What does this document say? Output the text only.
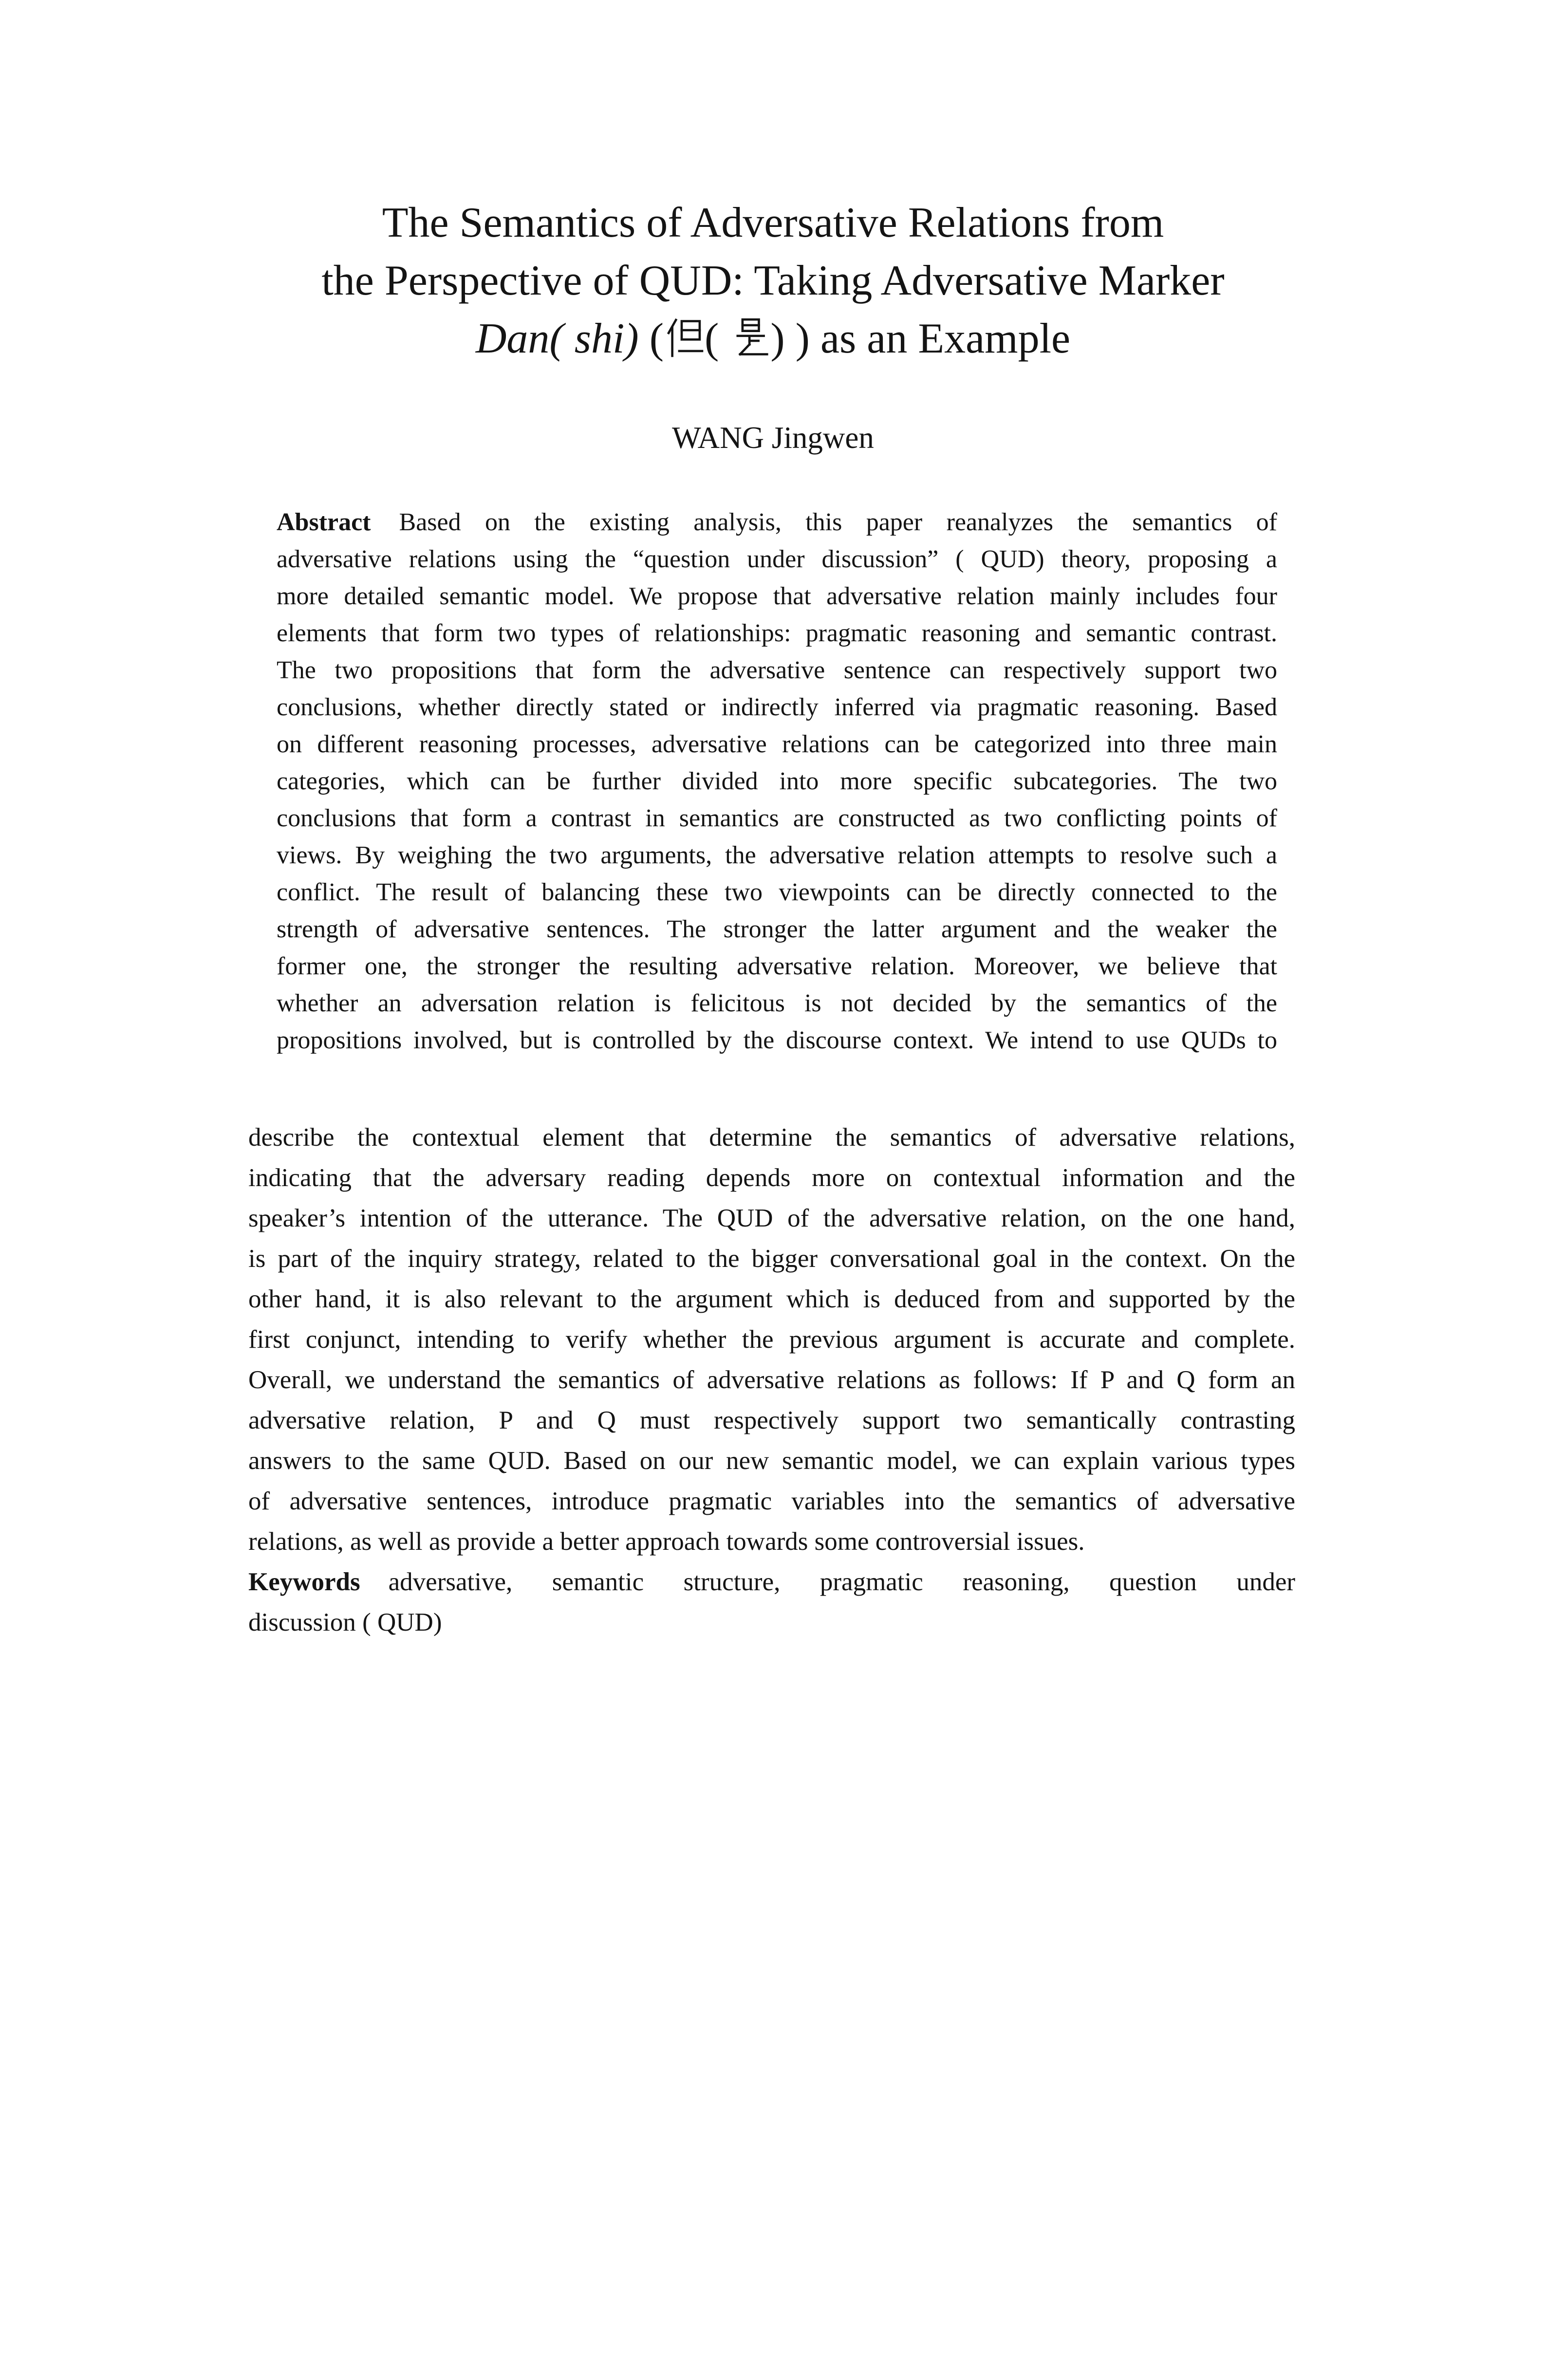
The Semantics of Adversative Relations from
the Perspective of QUD: Taking Adversative Marker
Dan( shi) ( ( ) ) as an Example
WANG Jingwen
Abstract Based on the existing analysis, this paper reanalyzes the semantics of
adversative relations using the “question under discussion” ( QUD) theory, proposing a
more detailed semantic model. We propose that adversative relation mainly includes four
elements that form two types of relationships: pragmatic reasoning and semantic contrast.
The two propositions that form the adversative sentence can respectively support two
conclusions, whether directly stated or indirectly inferred via pragmatic reasoning. Based
on different reasoning processes, adversative relations can be categorized into three main
categories, which can be further divided into more specific subcategories. The two
conclusions that form a contrast in semantics are constructed as two conflicting points of
views. By weighing the two arguments, the adversative relation attempts to resolve such a
conflict. The result of balancing these two viewpoints can be directly connected to the
strength of adversative sentences. The stronger the latter argument and the weaker the
former one, the stronger the resulting adversative relation. Moreover, we believe that
whether an adversation relation is felicitous is not decided by the semantics of the
propositions involved, but is controlled by the discourse context. We intend to use QUDs to
describe the contextual element that determine the semantics of adversative relations,
indicating that the adversary reading depends more on contextual information and the
speaker’s intention of the utterance. The QUD of the adversative relation, on the one hand,
is part of the inquiry strategy, related to the bigger conversational goal in the context. On the
other hand, it is also relevant to the argument which is deduced from and supported by the
first conjunct, intending to verify whether the previous argument is accurate and complete.
Overall, we understand the semantics of adversative relations as follows: If P and Q form an
adversative relation, P and Q must respectively support two semantically contrasting
answers to the same QUD. Based on our new semantic model, we can explain various types
of adversative sentences, introduce pragmatic variables into the semantics of adversative
relations, as well as provide a better approach towards some controversial issues.
Keywords adversative, semantic structure, pragmatic reasoning, question under
discussion ( QUD)
